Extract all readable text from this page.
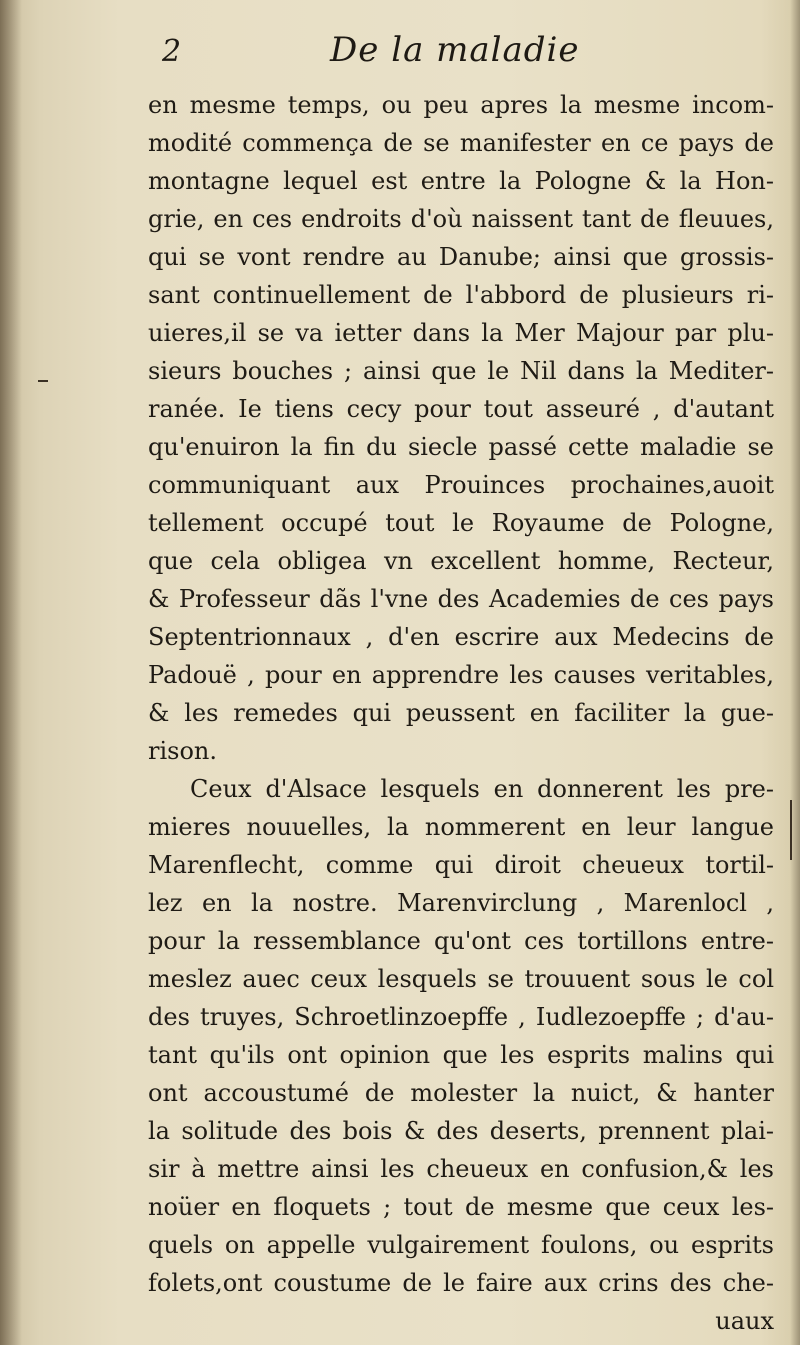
2	De la maladie
en mesme temps, ou peu apres la mesme incom-
modité commença de se manifester en ce pays de
montagne lequel est entre la Pologne & la Hon-
grie, en ces endroits d'où naissent tant de fleuues,
qui se vont rendre au Danube; ainsi que grossis-
sant continuellement de l'abbord de plusieurs ri-
uieres,il se va ietter dans la Mer Majour par plu-
sieurs bouches ; ainsi que le Nil dans la Mediter-
ranée. Ie tiens cecy pour tout asseuré , d'autant
qu'enuiron la fin du siecle passé cette maladie se
communiquant aux Prouinces prochaines,auoit
tellement occupé tout le Royaume de Pologne,
que cela obligea vn excellent homme, Recteur,
& Professeur dãs l'vne des Academies de ces pays
Septentrionnaux , d'en escrire aux Medecins de
Padouë , pour en apprendre les causes veritables,
& les remedes qui peussent en faciliter la gue-
rison.
Ceux d'Alsace lesquels en donnerent les pre-
mieres nouuelles, la nommerent en leur langue
Marenflecht, comme qui diroit cheueux tortil-
lez en la nostre. Marenvirclung , Marenlocl ,
pour la ressemblance qu'ont ces tortillons entre-
meslez auec ceux lesquels se trouuent sous le col
des truyes, Schroetlinzoepffe , Iudlezoepffe ; d'au-
tant qu'ils ont opinion que les esprits malins qui
ont accoustumé de molester la nuict, & hanter
la solitude des bois & des deserts, prennent plai-
sir à mettre ainsi les cheueux en confusion,& les
noüer en floquets ; tout de mesme que ceux les-
quels on appelle vulgairement foulons, ou esprits
folets,ont coustume de le faire aux crins des che-
uaux
